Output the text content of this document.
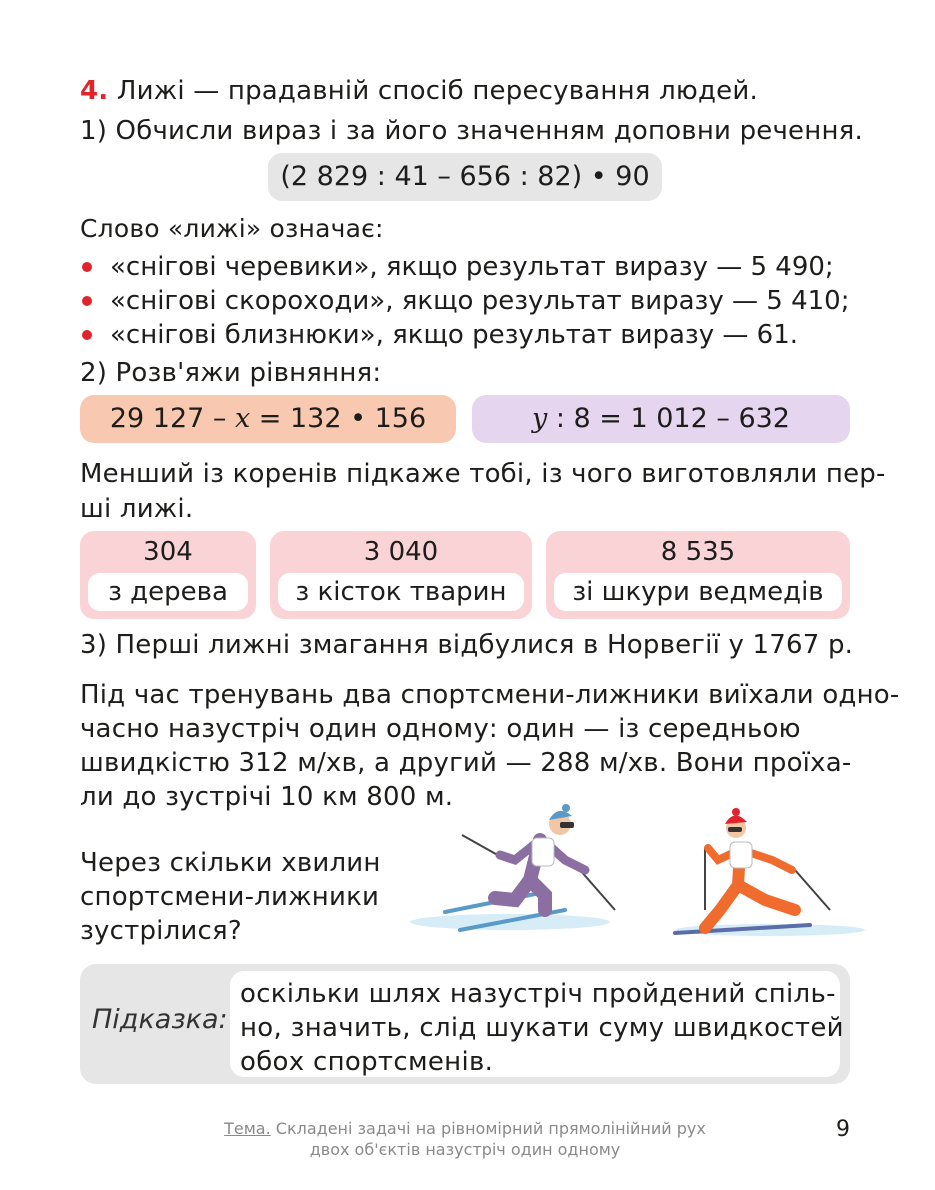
4. Лижі — прадавній спосіб пересування людей.
1) Обчисли вираз і за його значенням доповни речення.
(2 829 : 41 – 656 : 82) • 90
Слово «лижі» означає:
«снігові черевики», якщо результат виразу — 5 490;
«снігові скороходи», якщо результат виразу — 5 410;
«снігові близнюки», якщо результат виразу — 61.
2) Розв'яжи рівняння:
29 127 – x = 132 • 156	y : 8 = 1 012 – 632
Менший із коренів підкаже тобі, із чого виготовляли пер-
ші лижі.
304
з дерева
3 040
з кісток тварин
8 535
зі шкури ведмедів
3) Перші лижні змагання відбулися в Норвегії у 1767 р.
Під час тренувань два спортсмени-лижники виїхали одно-
часно назустріч один одному: один — із середньою
швидкістю 312 м/хв, а другий — 288 м/хв. Вони проїха-
ли до зустрічі 10 км 800 м.
Через скільки хвилин
спортсмени-лижники
зустрілися?
Підказка:
оскільки шлях назустріч пройдений спіль-
но, значить, слід шукати суму швидкостей
обох спортсменів.
Тема. Складені задачі на рівномірний прямолінійний рух
двох об'єктів назустріч один одному
9
